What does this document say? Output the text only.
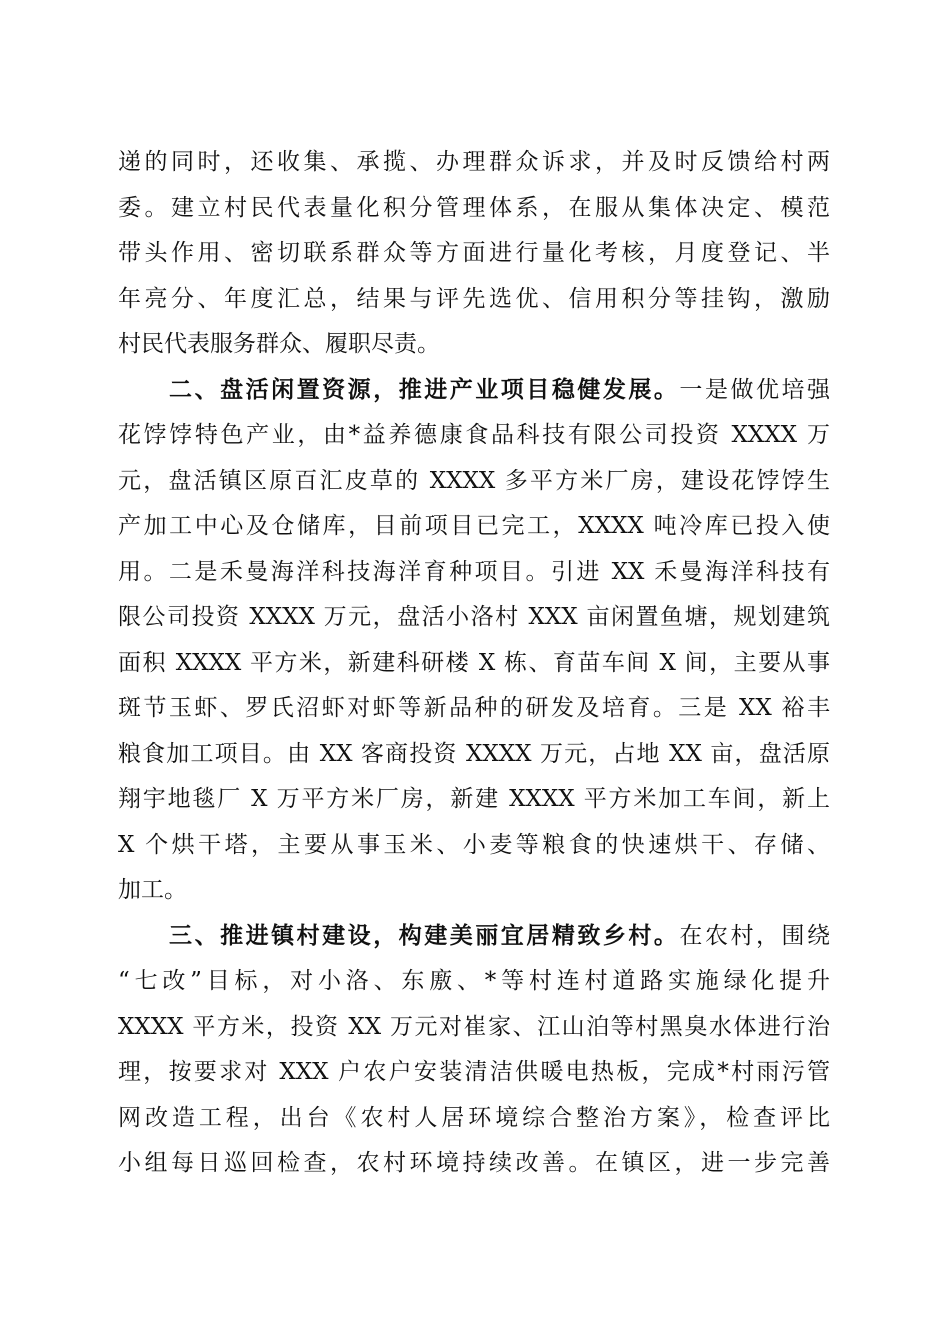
递的同时，还收集、承揽、办理群众诉求，并及时反馈给村两
委。建立村民代表量化积分管理体系，在服从集体决定、模范
带头作用、密切联系群众等方面进行量化考核，月度登记、半
年亮分、年度汇总，结果与评先选优、信用积分等挂钩，激励
村民代表服务群众、履职尽责。
　　二、盘活闲置资源，推进产业项目稳健发展。一是做优培强
花饽饽特色产业，由*益养德康食品科技有限公司投资 XXXX 万
元，盘活镇区原百汇皮草的 XXXX 多平方米厂房，建设花饽饽生
产加工中心及仓储库，目前项目已完工，XXXX 吨冷库已投入使
用。二是禾曼海洋科技海洋育种项目。引进 XX 禾曼海洋科技有
限公司投资 XXXX 万元，盘活小洛村 XXX 亩闲置鱼塘，规划建筑
面积 XXXX 平方米，新建科研楼 X 栋、育苗车间 X 间，主要从事
斑节玉虾、罗氏沼虾对虾等新品种的研发及培育。三是 XX 裕丰
粮食加工项目。由 XX 客商投资 XXXX 万元，占地 XX 亩，盘活原
翔宇地毯厂 X 万平方米厂房，新建 XXXX 平方米加工车间，新上
X 个烘干塔，主要从事玉米、小麦等粮食的快速烘干、存储、
加工。
　　三、推进镇村建设，构建美丽宜居精致乡村。在农村，围绕
“七改”目标，对小洛、东廒、*等村连村道路实施绿化提升
XXXX 平方米，投资 XX 万元对崔家、江山泊等村黑臭水体进行治
理，按要求对 XXX 户农户安装清洁供暖电热板，完成*村雨污管
网改造工程，出台《农村人居环境综合整治方案》，检查评比
小组每日巡回检查，农村环境持续改善。在镇区，进一步完善
